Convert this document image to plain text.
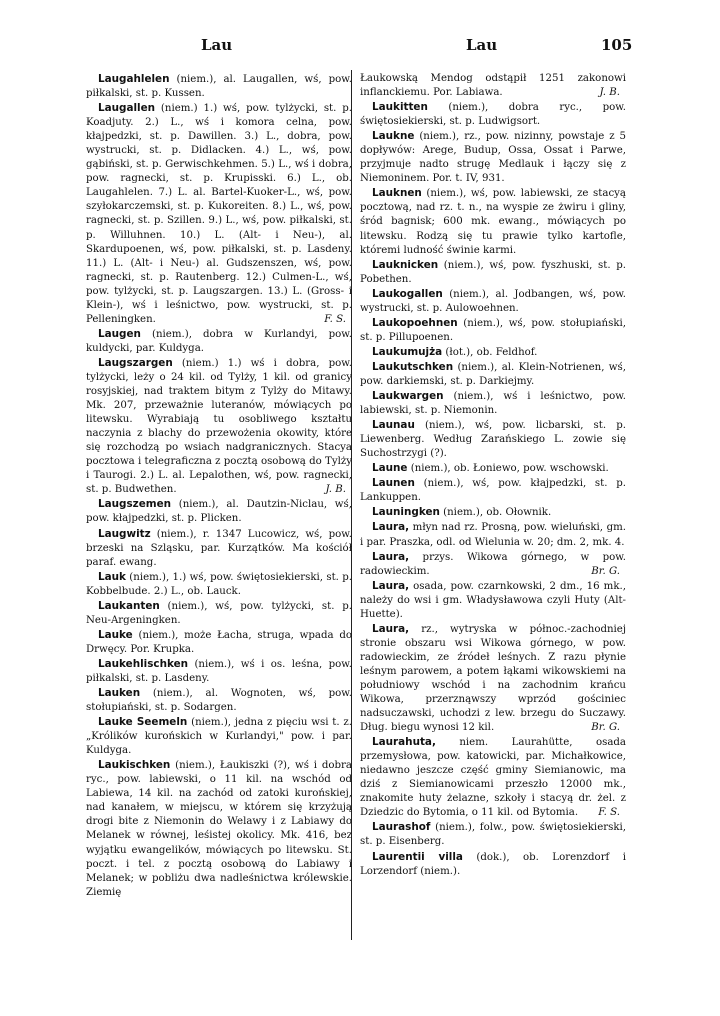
Lau	Lau	105

Laugahlelen (niem.), al. Laugallen, wś, pow. piłkalski, st. p. Kussen.

Laugallen (niem.) 1.) wś, pow. tylżycki, st. p. Koadjuty. 2.) L., wś i komora celna, pow. kłajpedzki, st. p. Dawillen. 3.) L., dobra, pow. wystrucki, st. p. Didlacken. 4.) L., wś, pow. gąbiński, st. p. Gerwischkehmen. 5.) L., wś i dobra, pow. ragnecki, st. p. Krupisski. 6.) L., ob. Laugahlelen. 7.) L. al. Bartel-Kuoker-L., wś, pow. szyłokarczemski, st. p. Kukoreiten. 8.) L., wś, pow. ragnecki, st. p. Szillen. 9.) L., wś, pow. piłkalski, st. p. Willuhnen. 10.) L. (Alt- i Neu-), al. Skardupoenen, wś, pow. piłkalski, st. p. Lasdeny. 11.) L. (Alt- i Neu-) al. Gudszenszen, wś, pow. ragnecki, st. p. Rautenberg. 12.) Culmen-L., wś, pow. tylżycki, st. p. Laugszargen. 13.) L. (Gross- i Klein-), wś i leśnictwo, pow. wystrucki, st. p. Pelleningken.	F. S.

Laugen (niem.), dobra w Kurlandyi, pow. kuldycki, par. Kuldyga.

Laugszargen (niem.) 1.) wś i dobra, pow. tylżycki, leży o 24 kil. od Tylży, 1 kil. od granicy rosyjskiej, nad traktem bitym z Tylży do Mitawy. Mk. 207, przeważnie luteranów, mówiących po litewsku. Wyrabiają tu osobliwego kształtu naczynia z blachy do przewożenia okowity, które się rozchodzą po wsiach nadgranicznych. Stacya pocztowa i telegraficzna z pocztą osobową do Tylży i Taurogi. 2.) L. al. Lepalothen, wś, pow. ragnecki, st. p. Budwethen.	J. B.

Laugszemen (niem.), al. Dautzin-Niclau, wś, pow. kłajpedzki, st. p. Plicken.

Laugwitz (niem.), r. 1347 Lucowicz, wś, pow. brzeski na Szląsku, par. Kurzątków. Ma kościół paraf. ewang.

Lauk (niem.), 1.) wś, pow. świętosiekierski, st. p. Kobbelbude. 2.) L., ob. Lauck.

Laukanten (niem.), wś, pow. tylżycki, st. p. Neu-Argeningken.

Lauke (niem.), może Łacha, struga, wpada do Drwęcy. Por. Krupka.

Laukehlischken (niem.), wś i os. leśna, pow. piłkalski, st. p. Lasdeny.

Lauken (niem.), al. Wognoten, wś, pow. stołupiański, st. p. Sodargen.

Lauke Seemeln (niem.), jedna z pięciu wsi t. z. „Królików kurońskich w Kurlandyi," pow. i par. Kuldyga.

Laukischken (niem.), Łaukiszki (?), wś i dobra ryc., pow. labiewski, o 11 kil. na wschód od Labiewa, 14 kil. na zachód od zatoki kurońskiej, nad kanałem, w miejscu, w którem się krzyżują drogi bite z Niemonin do Welawy i z Labiawy do Melanek w równej, leśistej okolicy. Mk. 416, bez wyjątku ewangelików, mówiących po litewsku. St. poczt. i tel. z pocztą osobową do Labiawy i Melanek; w pobliżu dwa nadleśnictwa królewskie. Ziemię

Łaukowską Mendog odstąpił 1251 zakonowi inflanckiemu. Por. Labiawa.	J. B.

Laukitten (niem.), dobra ryc., pow. świętosiekierski, st. p. Ludwigsort.

Laukne (niem.), rz., pow. nizinny, powstaje z 5 dopływów: Arege, Budup, Ossa, Ossat i Parwe, przyjmuje nadto strugę Medlauk i łączy się z Niemoninem. Por. t. IV, 931.

Lauknen (niem.), wś, pow. labiewski, ze stacyą pocztową, nad rz. t. n., na wyspie ze żwiru i gliny, śród bagnisk; 600 mk. ewang., mówiących po litewsku. Rodzą się tu prawie tylko kartofle, któremi ludność świnie karmi.

Lauknicken (niem.), wś, pow. fyszhuski, st. p. Pobethen.

Laukogallen (niem.), al. Jodbangen, wś, pow. wystrucki, st. p. Aulowoehnen.

Laukopoehnen (niem.), wś, pow. stołupiański, st. p. Pillupoenen.

Laukumujża (łot.), ob. Feldhof.

Laukutschken (niem.), al. Klein-Notrienen, wś, pow. darkiemski, st. p. Darkiejmy.

Laukwargen (niem.), wś i leśnictwo, pow. labiewski, st. p. Niemonin.

Launau (niem.), wś, pow. licbarski, st. p. Liewenberg. Według Zarańskiego L. zowie się Suchostrzygi (?).

Laune (niem.), ob. Łoniewo, pow. wschowski.

Launen (niem.), wś, pow. kłajpedzki, st. p. Lankuppen.

Launingken (niem.), ob. Ołownik.

Laura, młyn nad rz. Prosną, pow. wieluński, gm. i par. Praszka, odl. od Wielunia w. 20; dm. 2, mk. 4.

Laura, przys. Wikowa górnego, w pow. radowieckim.	Br. G.

Laura, osada, pow. czarnkowski, 2 dm., 16 mk., należy do wsi i gm. Władysławowa czyli Huty (Alt-Huette).

Laura, rz., wytryska w północ.-zachodniej stronie obszaru wsi Wikowa górnego, w pow. radowieckim, ze źródeł leśnych. Z razu płynie leśnym parowem, a potem łąkami wikowskiemi na południowy wschód i na zachodnim krańcu Wikowa, przerznąwszy wprzód gościniec nadsuczawski, uchodzi z lew. brzegu do Suczawy. Dług. biegu wynosi 12 kil.	Br. G.

Laurahuta, niem. Laurahütte, osada przemysłowa, pow. katowicki, par. Michałkowice, niedawno jeszcze część gminy Siemianowic, ma dziś z Siemianowicami przeszło 12000 mk., znakomite huty żelazne, szkoły i stacyą dr. żel. z Dziedzic do Bytomia, o 11 kil. od Bytomia.	F. S.

Laurashof (niem.), folw., pow. świętosiekierski, st. p. Eisenberg.

Laurentii villa (dok.), ob. Lorenzdorf i Lorzendorf (niem.).
